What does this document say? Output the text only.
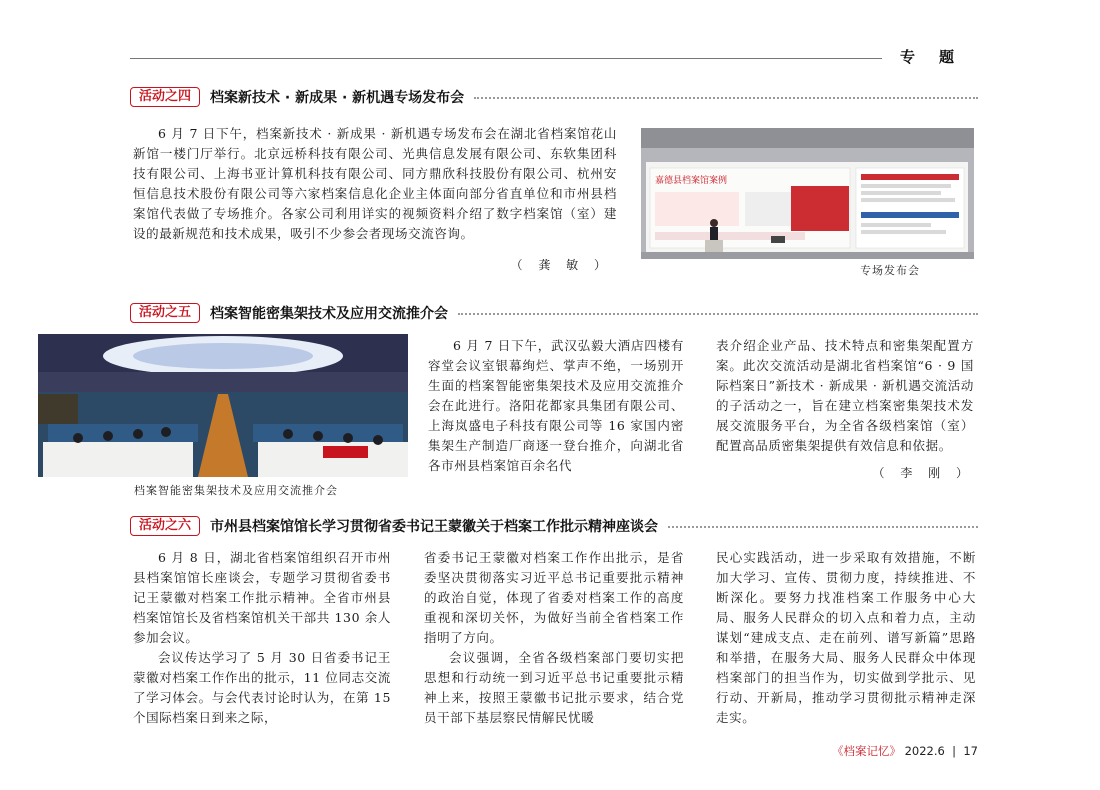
专题
活动之四	档案新技术 · 新成果 · 新机遇专场发布会

6 月 7 日下午，档案新技术 · 新成果 · 新机遇专场发布会在湖北省档案馆花山新馆一楼门厅举行。北京远桥科技有限公司、光典信息发展有限公司、东软集团科技有限公司、上海书亚计算机科技有限公司、同方鼎欣科技股份有限公司、杭州安恒信息技术股份有限公司等六家档案信息化企业主体面向部分省直单位和市州县档案馆代表做了专场推介。各家公司利用详实的视频资料介绍了数字档案馆（室）建设的最新规范和技术成果，吸引不少参会者现场交流咨询。

（ 龚 敏 ）
嘉德县档案馆案例
专场发布会
活动之五	档案智能密集架技术及应用交流推介会
档案智能密集架技术及应用交流推介会

6 月 7 日下午，武汉弘毅大酒店四楼有容堂会议室银幕绚烂、掌声不绝，一场别开生面的档案智能密集架技术及应用交流推介会在此进行。洛阳花都家具集团有限公司、上海岚盛电子科技有限公司等 16 家国内密集架生产制造厂商逐一登台推介，向湖北省各市州县档案馆百余名代

表介绍企业产品、技术特点和密集架配置方案。此次交流活动是湖北省档案馆“6 · 9 国际档案日”新技术 · 新成果 · 新机遇交流活动的子活动之一，旨在建立档案密集架技术发展交流服务平台，为全省各级档案馆（室）配置高品质密集架提供有效信息和依据。

（ 李 刚 ）
活动之六	市州县档案馆馆长学习贯彻省委书记王蒙徽关于档案工作批示精神座谈会

6 月 8 日，湖北省档案馆组织召开市州县档案馆馆长座谈会，专题学习贯彻省委书记王蒙徽对档案工作批示精神。全省市州县档案馆馆长及省档案馆机关干部共 130 余人参加会议。

会议传达学习了 5 月 30 日省委书记王蒙徽对档案工作作出的批示，11 位同志交流了学习体会。与会代表讨论时认为，在第 15 个国际档案日到来之际，

省委书记王蒙徽对档案工作作出批示，是省委坚决贯彻落实习近平总书记重要批示精神的政治自觉，体现了省委对档案工作的高度重视和深切关怀，为做好当前全省档案工作指明了方向。

会议强调，全省各级档案部门要切实把思想和行动统一到习近平总书记重要批示精神上来，按照王蒙徽书记批示要求，结合党员干部下基层察民情解民忧暖

民心实践活动，进一步采取有效措施，不断加大学习、宣传、贯彻力度，持续推进、不断深化。要努力找准档案工作服务中心大局、服务人民群众的切入点和着力点，主动谋划“建成支点、走在前列、谱写新篇”思路和举措，在服务大局、服务人民群众中体现档案部门的担当作为，切实做到学批示、见行动、开新局，推动学习贯彻批示精神走深走实。

《档案记忆》 2022.6  |  17
